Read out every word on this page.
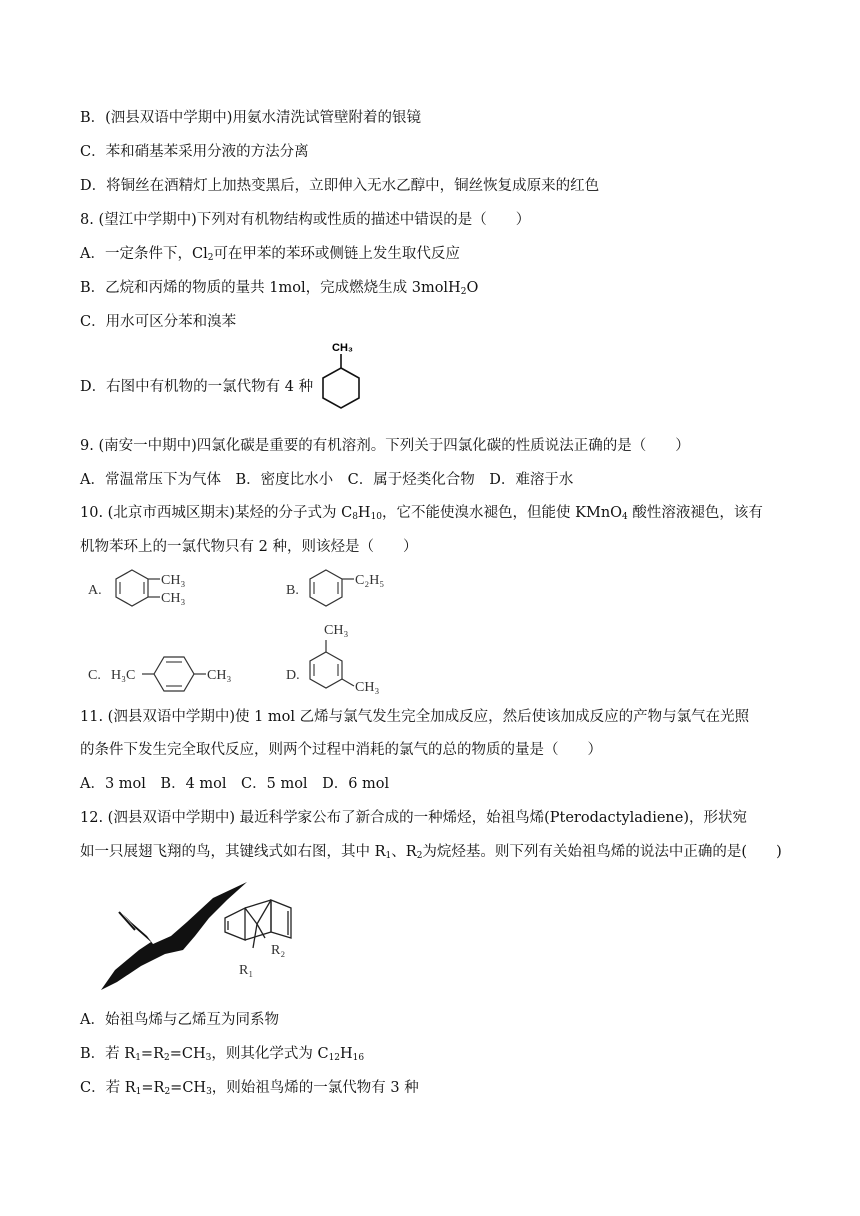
B．(泗县双语中学期中)用氨水清洗试管壁附着的银镜
C．苯和硝基苯采用分液的方法分离
D．将铜丝在酒精灯上加热变黑后，立即伸入无水乙醇中，铜丝恢复成原来的红色
8. (望江中学期中)下列对有机物结构或性质的描述中错误的是（　　）
A．一定条件下，$Cl_2$可在甲苯的苯环或侧链上发生取代反应
B．乙烷和丙烯的物质的量共 1mol，完成燃烧生成 3molH$_2$O
C．用水可区分苯和溴苯
D．右图中有机物的一氯代物有 4 种
CH₃
9. (南安一中期中)四氯化碳是重要的有机溶剂。下列关于四氯化碳的性质说法正确的是（　　）
A．常温常压下为气体　B．密度比水小　C．属于烃类化合物　D．难溶于水
10. (北京市西城区期末)某烃的分子式为 $C_8H_{10}$，它不能使溴水褪色，但能使 KMnO$_4$ 酸性溶液褪色，该有
机物苯环上的一氯代物只有 2 种，则该烃是（　　）
A.
CH₃
CH₃
B.
C₂H₅
C. H₃C	CH₃	D.
CH₃
CH₃
11. (泗县双语中学期中)使 1 mol 乙烯与氯气发生完全加成反应，然后使该加成反应的产物与氯气在光照
的条件下发生完全取代反应，则两个过程中消耗的氯气的总的物质的量是（　　）
A．3 mol　B．4 mol　C．5 mol　D．6 mol
12. (泗县双语中学期中) 最近科学家公布了新合成的一种烯烃，始祖鸟烯(Pterodactyladiene)，形状宛
如一只展翅飞翔的鸟，其键线式如右图，其中 $R_1$、$R_2$为烷烃基。则下列有关始祖鸟烯的说法中正确的是(　　)
R₂
R₁
A．始祖鸟烯与乙烯互为同系物
B．若 $R_1=R_2=CH_3$，则其化学式为 $C_{12}H_{16}$
C．若 $R_1=R_2=CH_3$，则始祖鸟烯的一氯代物有 3 种
